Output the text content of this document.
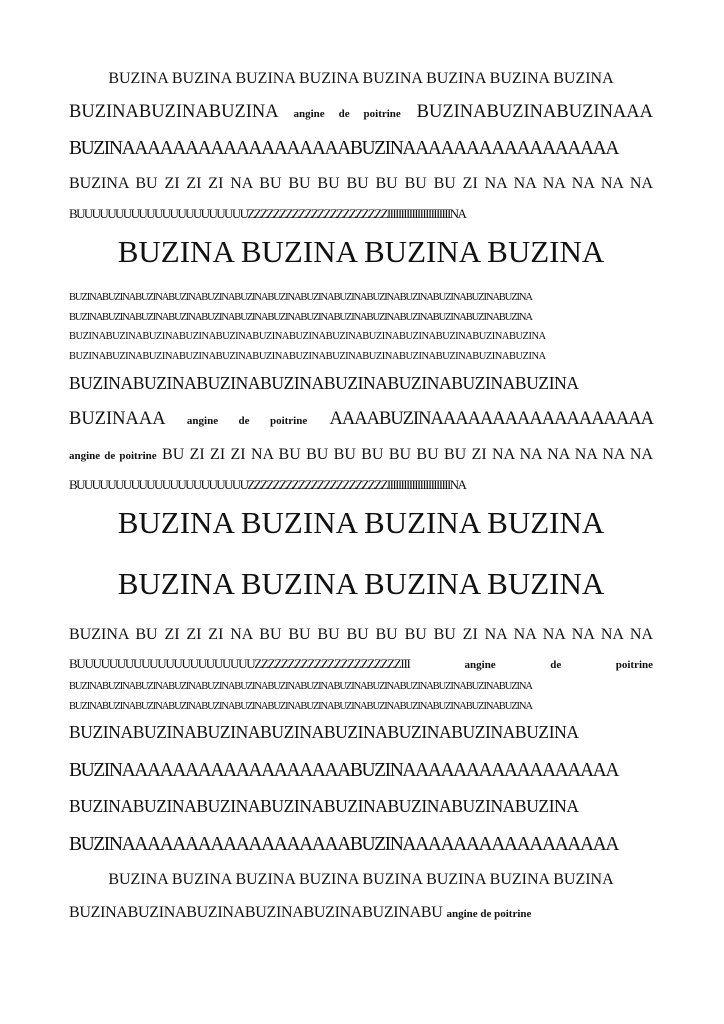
BUZINA BUZINA BUZINA BUZINA BUZINA BUZINA BUZINA BUZINA
BUZINABUZINABUZINA angine de poitrine BUZINABUZINABUZINAAA
BUZINAAAAAAAAAAAAAAAAAABUZINAAAAAAAAAAAAAAAAA
BUZINA BU ZI ZI ZI NA BU BU BU BU BU BU BU ZI NA NA NA NA NA NA
BUUUUUUUUUUUUUUUUUUUUUUZZZZZZZZZZZZZZZZZZZZZZIIIIIIIIIIIIIIIIIIIIIIINA
BUZINA BUZINA BUZINA BUZINA
BUZINABUZINABUZINABUZINABUZINABUZINABUZINABUZINABUZINABUZINABUZINABUZINABUZINABUZINA
BUZINABUZINABUZINABUZINABUZINABUZINABUZINABUZINABUZINABUZINABUZINABUZINABUZINABUZINA
BUZINABUZINABUZINABUZINABUZINABUZINABUZINABUZINABUZINABUZINABUZINABUZINABUZINA
BUZINABUZINABUZINABUZINABUZINABUZINABUZINABUZINABUZINABUZINABUZINABUZINABUZINA
BUZINABUZINABUZINABUZINABUZINABUZINABUZINABUZINA
BUZINAAA angine de poitrine AAAABUZINAAAAAAAAAAAAAAAAAA
angine de poitrine BU ZI ZI ZI NA BU BU BU BU BU BU BU ZI NA NA NA NA NA NA
BUUUUUUUUUUUUUUUUUUUUUUZZZZZZZZZZZZZZZZZZZZZZIIIIIIIIIIIIIIIIIIIIIIINA
BUZINA BUZINA BUZINA BUZINA
BUZINA BUZINA BUZINA BUZINA
BUZINA BU ZI ZI ZI NA BU BU BU BU BU BU BU ZI NA NA NA NA NA NA
BUUUUUUUUUUUUUUUUUUUUUUZZZZZZZZZZZZZZZZZZZZZZIII	angine de poitrine
BUZINABUZINABUZINABUZINABUZINABUZINABUZINABUZINABUZINABUZINABUZINABUZINABUZINABUZINA
BUZINABUZINABUZINABUZINABUZINABUZINABUZINABUZINABUZINABUZINABUZINABUZINABUZINABUZINA
BUZINABUZINABUZINABUZINABUZINABUZINABUZINABUZINA
BUZINAAAAAAAAAAAAAAAAAABUZINAAAAAAAAAAAAAAAAA
BUZINABUZINABUZINABUZINABUZINABUZINABUZINABUZINA
BUZINAAAAAAAAAAAAAAAAAABUZINAAAAAAAAAAAAAAAAA
BUZINA BUZINA BUZINA BUZINA BUZINA BUZINA BUZINA BUZINA
BUZINABUZINABUZINABUZINABUZINABUZINABU angine de poitrine
